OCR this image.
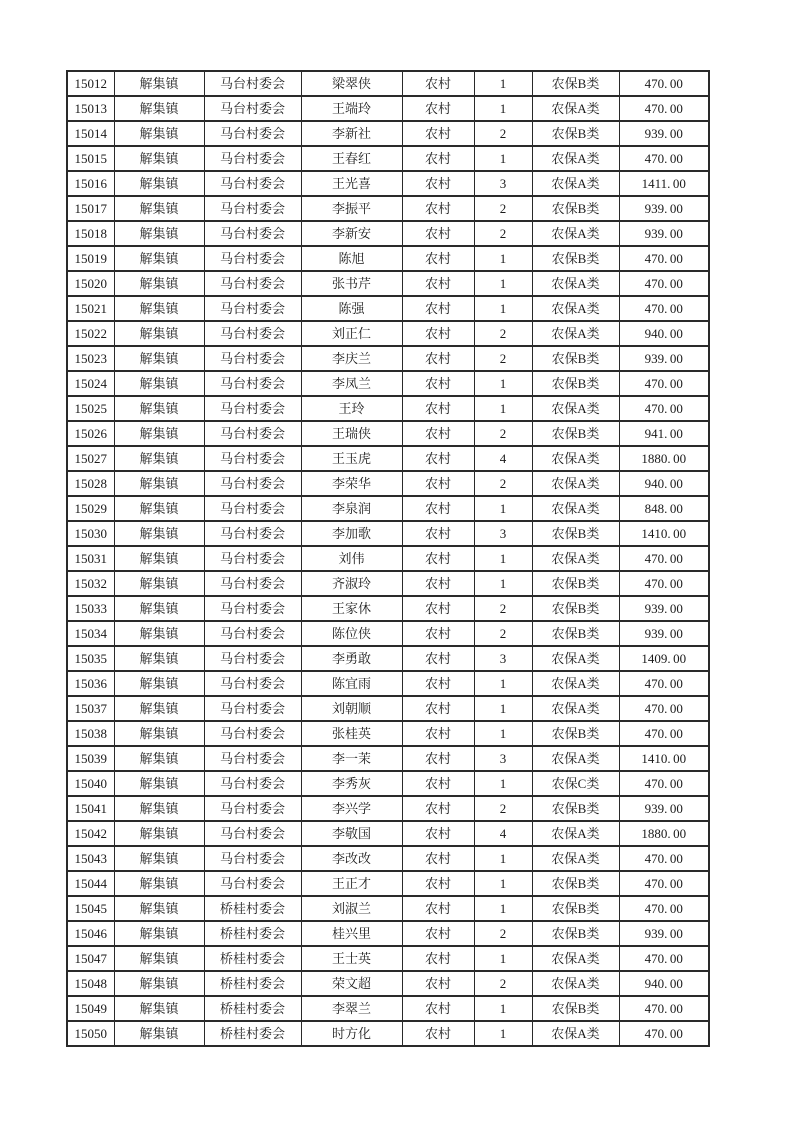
15012	解集镇	马台村委会	梁翠侠	农村	1	农保B类	470. 00
15013	解集镇	马台村委会	王端玲	农村	1	农保A类	470. 00
15014	解集镇	马台村委会	李新社	农村	2	农保B类	939. 00
15015	解集镇	马台村委会	王春红	农村	1	农保A类	470. 00
15016	解集镇	马台村委会	王光喜	农村	3	农保A类	1411. 00
15017	解集镇	马台村委会	李振平	农村	2	农保B类	939. 00
15018	解集镇	马台村委会	李新安	农村	2	农保A类	939. 00
15019	解集镇	马台村委会	陈旭	农村	1	农保B类	470. 00
15020	解集镇	马台村委会	张书芹	农村	1	农保A类	470. 00
15021	解集镇	马台村委会	陈强	农村	1	农保A类	470. 00
15022	解集镇	马台村委会	刘正仁	农村	2	农保A类	940. 00
15023	解集镇	马台村委会	李庆兰	农村	2	农保B类	939. 00
15024	解集镇	马台村委会	李凤兰	农村	1	农保B类	470. 00
15025	解集镇	马台村委会	王玲	农村	1	农保A类	470. 00
15026	解集镇	马台村委会	王瑞侠	农村	2	农保B类	941. 00
15027	解集镇	马台村委会	王玉虎	农村	4	农保A类	1880. 00
15028	解集镇	马台村委会	李荣华	农村	2	农保A类	940. 00
15029	解集镇	马台村委会	李泉润	农村	1	农保A类	848. 00
15030	解集镇	马台村委会	李加歌	农村	3	农保B类	1410. 00
15031	解集镇	马台村委会	刘伟	农村	1	农保A类	470. 00
15032	解集镇	马台村委会	齐淑玲	农村	1	农保B类	470. 00
15033	解集镇	马台村委会	王家休	农村	2	农保B类	939. 00
15034	解集镇	马台村委会	陈位侠	农村	2	农保B类	939. 00
15035	解集镇	马台村委会	李勇敢	农村	3	农保A类	1409. 00
15036	解集镇	马台村委会	陈宜雨	农村	1	农保A类	470. 00
15037	解集镇	马台村委会	刘朝顺	农村	1	农保A类	470. 00
15038	解集镇	马台村委会	张桂英	农村	1	农保B类	470. 00
15039	解集镇	马台村委会	李一茉	农村	3	农保A类	1410. 00
15040	解集镇	马台村委会	李秀灰	农村	1	农保C类	470. 00
15041	解集镇	马台村委会	李兴学	农村	2	农保B类	939. 00
15042	解集镇	马台村委会	李敬国	农村	4	农保A类	1880. 00
15043	解集镇	马台村委会	李改改	农村	1	农保A类	470. 00
15044	解集镇	马台村委会	王正才	农村	1	农保B类	470. 00
15045	解集镇	桥桂村委会	刘淑兰	农村	1	农保B类	470. 00
15046	解集镇	桥桂村委会	桂兴里	农村	2	农保B类	939. 00
15047	解集镇	桥桂村委会	王士英	农村	1	农保A类	470. 00
15048	解集镇	桥桂村委会	荣文超	农村	2	农保A类	940. 00
15049	解集镇	桥桂村委会	李翠兰	农村	1	农保B类	470. 00
15050	解集镇	桥桂村委会	时方化	农村	1	农保A类	470. 00
